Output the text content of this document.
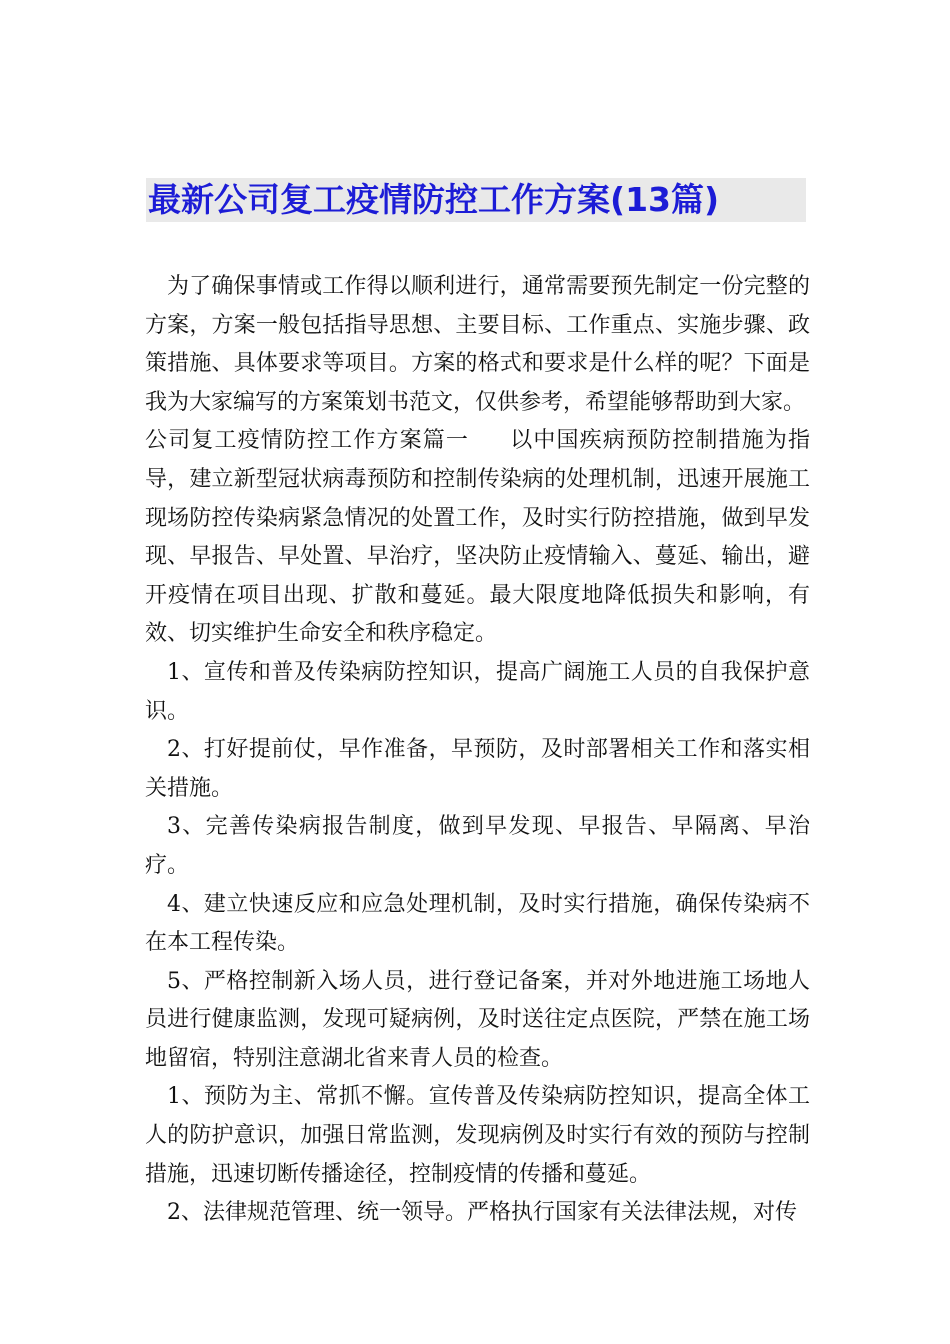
最新公司复工疫情防控工作方案(13篇)

为了确保事情或工作得以顺利进行，通常需要预先制定一份完整的方案，方案一般包括指导思想、主要目标、工作重点、实施步骤、政策措施、具体要求等项目。方案的格式和要求是什么样的呢？下面是我为大家编写的方案策划书范文，仅供参考，希望能够帮助到大家。

公司复工疫情防控工作方案篇一 以中国疾病预防控制措施为指导，建立新型冠状病毒预防和控制传染病的处理机制，迅速开展施工现场防控传染病紧急情况的处置工作，及时实行防控措施，做到早发现、早报告、早处置、早治疗，坚决防止疫情输入、蔓延、输出，避开疫情在项目出现、扩散和蔓延。最大限度地降低损失和影响，有效、切实维护生命安全和秩序稳定。

1、宣传和普及传染病防控知识，提高广阔施工人员的自我保护意识。

2、打好提前仗，早作准备，早预防，及时部署相关工作和落实相关措施。

3、完善传染病报告制度，做到早发现、早报告、早隔离、早治疗。

4、建立快速反应和应急处理机制，及时实行措施，确保传染病不在本工程传染。

5、严格控制新入场人员，进行登记备案，并对外地进施工场地人员进行健康监测，发现可疑病例，及时送往定点医院，严禁在施工场地留宿，特别注意湖北省来青人员的检查。

1、预防为主、常抓不懈。宣传普及传染病防控知识，提高全体工人的防护意识，加强日常监测，发现病例及时实行有效的预防与控制措施，迅速切断传播途径，控制疫情的传播和蔓延。

2、法律规范管理、统一领导。严格执行国家有关法律法规，对传
